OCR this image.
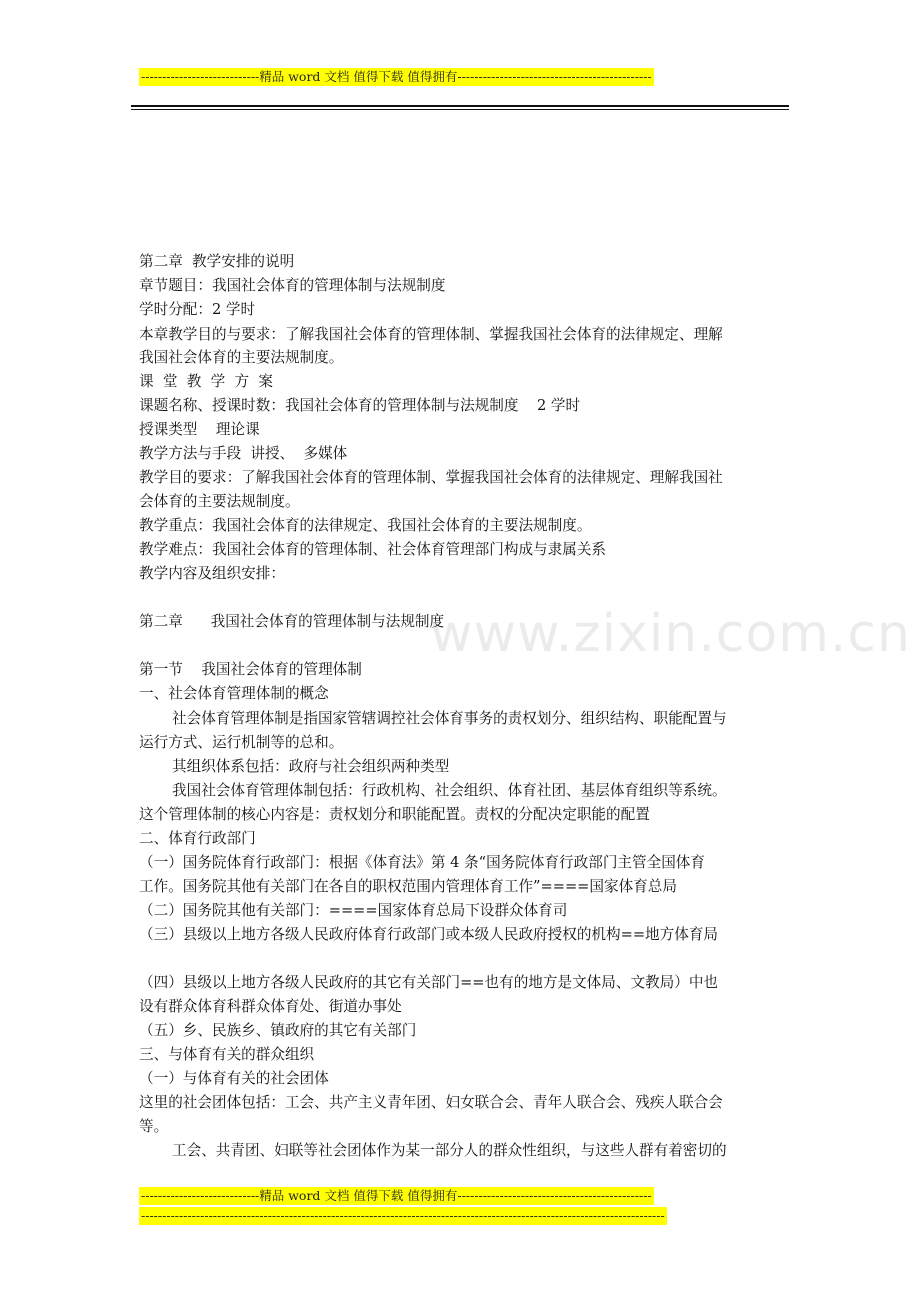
----------------------------精品 word 文档 值得下载 值得拥有----------------------------------------------
www.zixin.com.cn
第二章  教学安排的说明
章节题目：我国社会体育的管理体制与法规制度
学时分配：2 学时
本章教学目的与要求：了解我国社会体育的管理体制、掌握我国社会体育的法律规定、理解
我国社会体育的主要法规制度。
课  堂  教  学  方  案
课题名称、授课时数：我国社会体育的管理体制与法规制度    2 学时
授课类型    理论课
教学方法与手段  讲授、  多媒体
教学目的要求：了解我国社会体育的管理体制、掌握我国社会体育的法律规定、理解我国社
会体育的主要法规制度。
教学重点：我国社会体育的法律规定、我国社会体育的主要法规制度。
教学难点：我国社会体育的管理体制、社会体育管理部门构成与隶属关系
教学内容及组织安排：
第二章      我国社会体育的管理体制与法规制度
第一节    我国社会体育的管理体制
一、社会体育管理体制的概念
社会体育管理体制是指国家管辖调控社会体育事务的责权划分、组织结构、职能配置与
运行方式、运行机制等的总和。
其组织体系包括：政府与社会组织两种类型
我国社会体育管理体制包括：行政机构、社会组织、体育社团、基层体育组织等系统。
这个管理体制的核心内容是：责权划分和职能配置。责权的分配决定职能的配置
二、体育行政部门
（一）国务院体育行政部门：根据《体育法》第 4 条“国务院体育行政部门主管全国体育
工作。国务院其他有关部门在各自的职权范围内管理体育工作”====国家体育总局
（二）国务院其他有关部门：====国家体育总局下设群众体育司
（三）县级以上地方各级人民政府体育行政部门或本级人民政府授权的机构==地方体育局
（四）县级以上地方各级人民政府的其它有关部门==也有的地方是文体局、文教局）中也
设有群众体育科群众体育处、街道办事处
（五）乡、民族乡、镇政府的其它有关部门
三、与体育有关的群众组织
（一）与体育有关的社会团体
这里的社会团体包括：工会、共产主义青年团、妇女联合会、青年人联合会、残疾人联合会
等。
工会、共青团、妇联等社会团体作为某一部分人的群众性组织，与这些人群有着密切的
----------------------------精品 word 文档 值得下载 值得拥有----------------------------------------------
----------------------------------------------------------------------------------------------------------------------------
